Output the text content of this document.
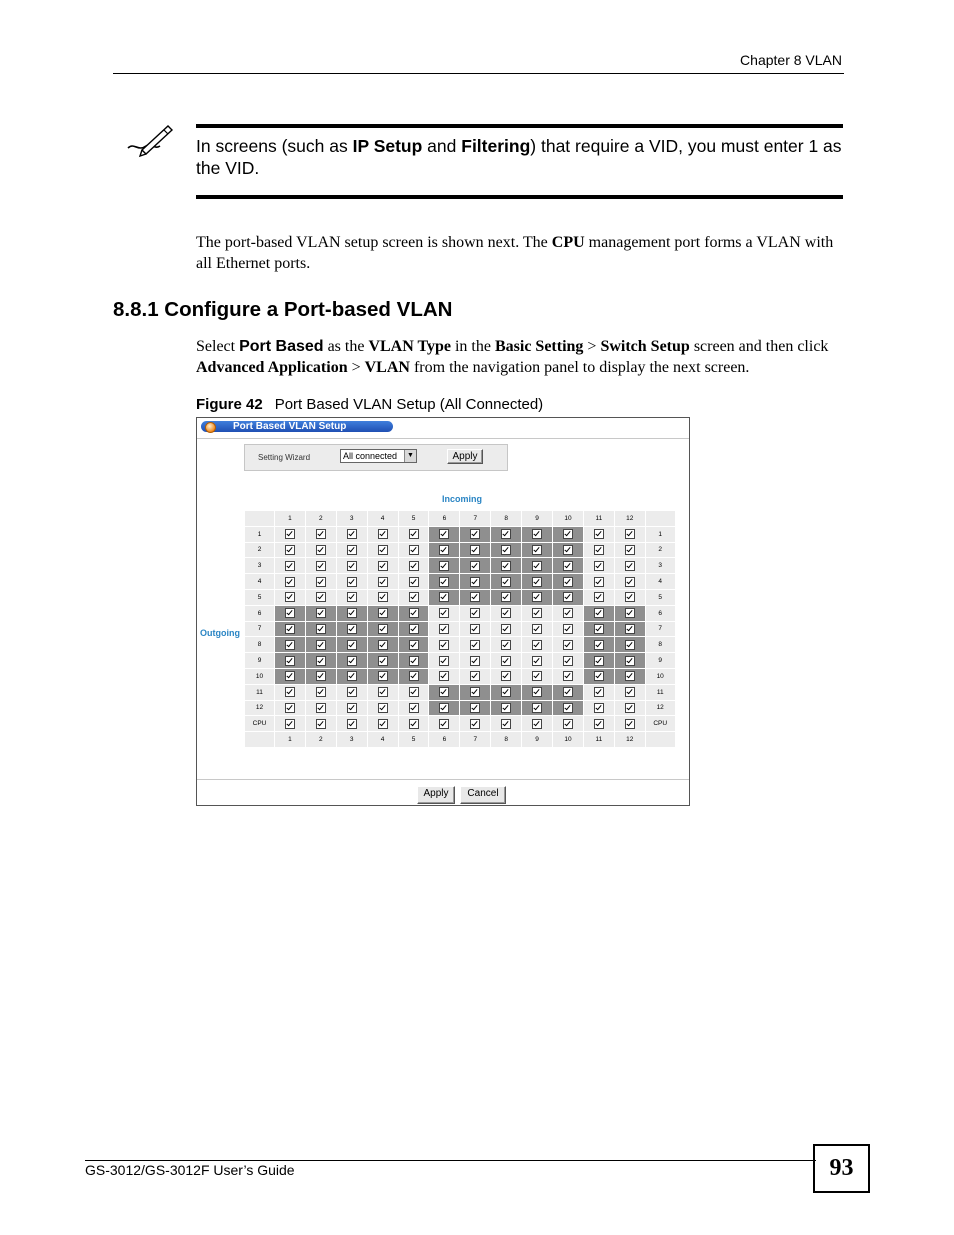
Chapter 8 VLAN
In screens (such as IP Setup and Filtering) that require a VID, you must enter 1 as the VID.
The port-based VLAN setup screen is shown next. The CPU management port forms a VLAN with all Ethernet ports.
8.8.1 Configure a Port-based VLAN
Select Port Based as the VLAN Type in the Basic Setting > Switch Setup screen and then click Advanced Application > VLAN from the navigation panel to display the next screen.
Figure 42 Port Based VLAN Setup (All Connected)
Port Based VLAN Setup
Setting Wizard	All connected	▼	Apply
Incoming
Outgoing
	1	2	3	4	5	6	7	8	9	10	11	12	
1													1
2													2
3													3
4													4
5													5
6													6
7													7
8													8
9													9
10													10
11													11
12													12
CPU													CPU
	1	2	3	4	5	6	7	8	9	10	11	12	
Apply	Cancel
GS-3012/GS-3012F User’s Guide	93
